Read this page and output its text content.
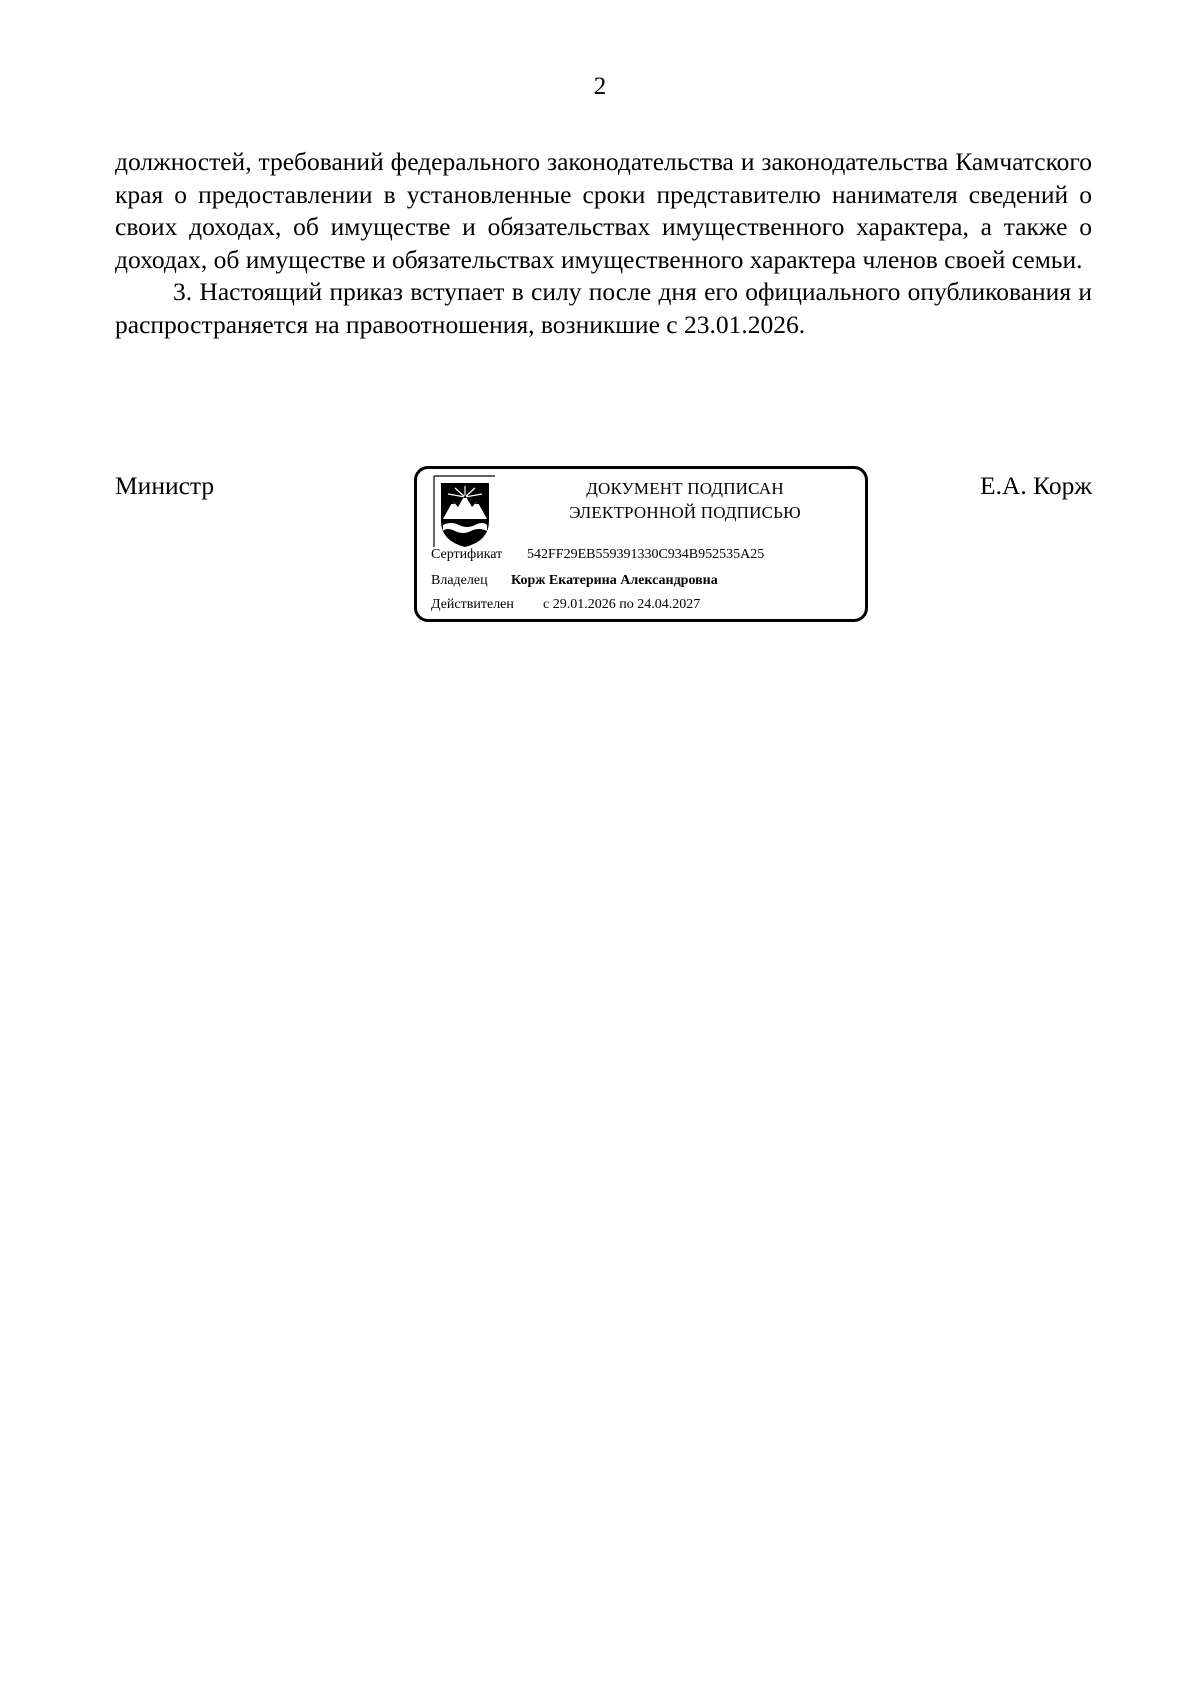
2

должностей, требований федерального законодательства и законодательства Камчатского края о предоставлении в установленные сроки представителю нанимателя сведений о своих доходах, об имуществе и обязательствах имущественного характера, а также о доходах, об имуществе и обязательствах имущественного характера членов своей семьи.

3. Настоящий приказ вступает в силу после дня его официального опубликования и распространяется на правоотношения, возникшие с 23.01.2026.

Министр	Е.А. Корж
ДОКУМЕНТ ПОДПИСАН
ЭЛЕКТРОННОЙ ПОДПИСЬЮ
Сертификат 542FF29EB559391330C934B952535A25
Владелец Корж Екатерина Александровна
Действителен с 29.01.2026 по 24.04.2027
